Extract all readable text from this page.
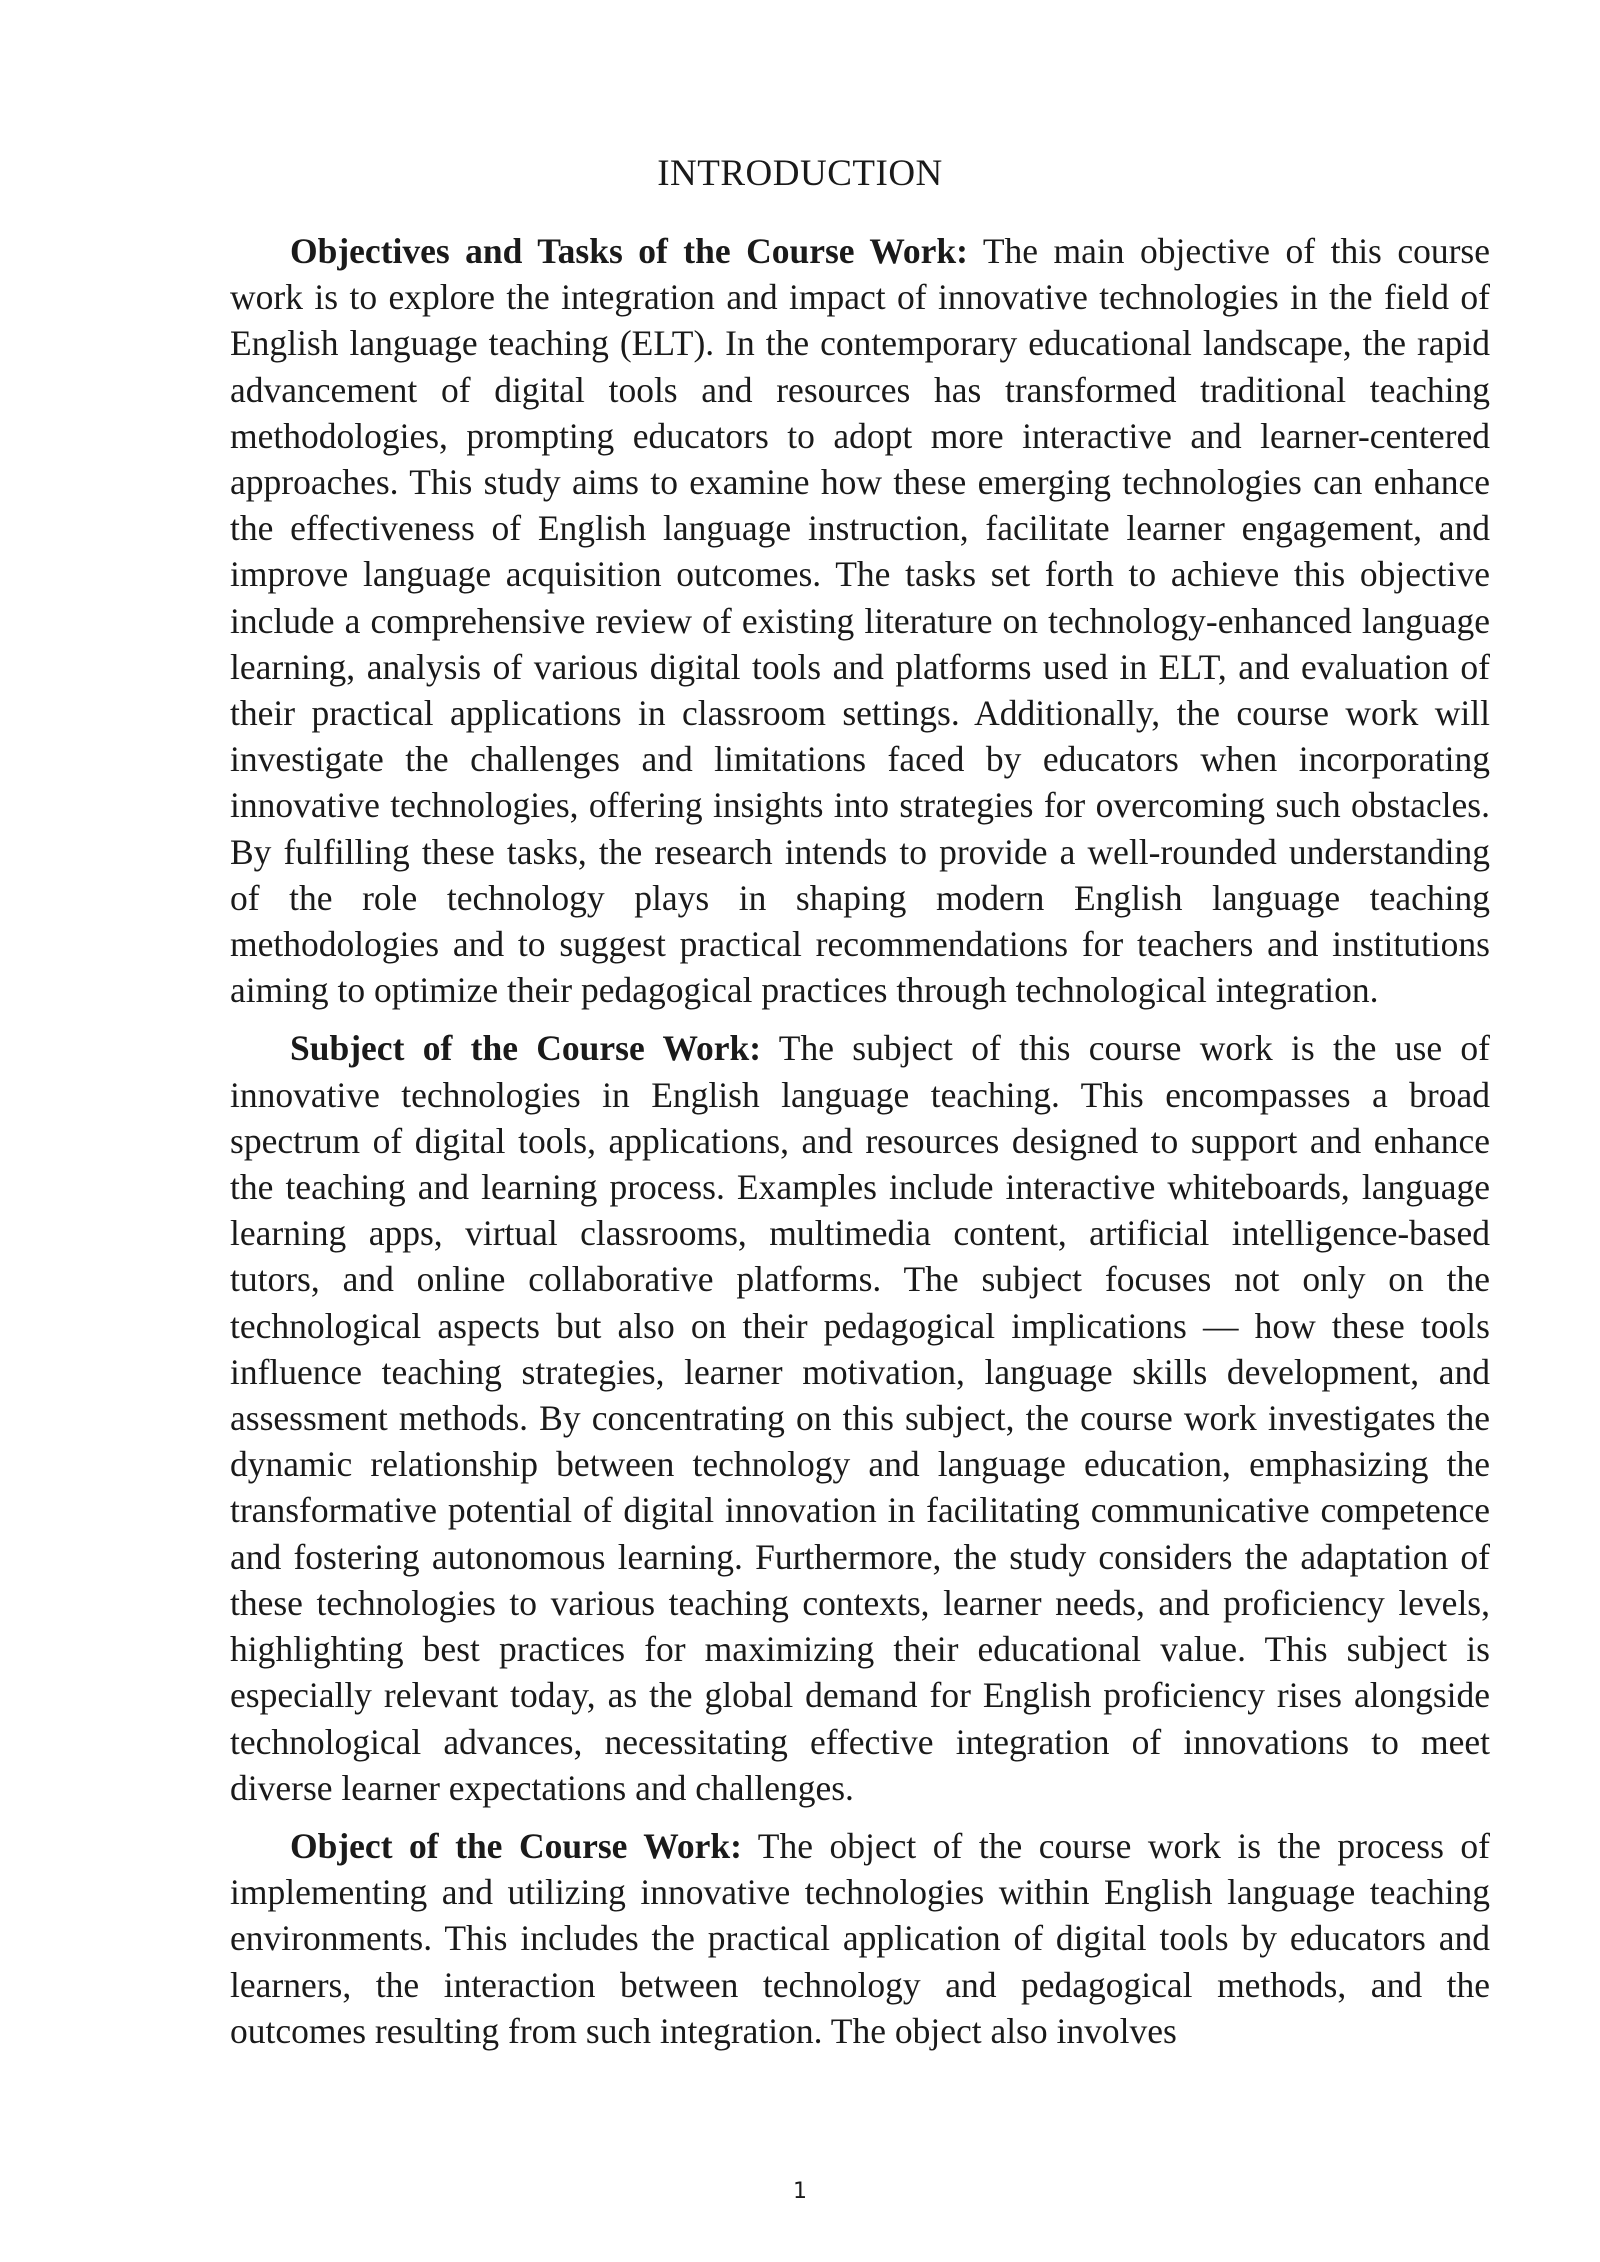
INTRODUCTION

Objectives and Tasks of the Course Work: The main objective of this course work is to explore the integration and impact of innovative technologies in the field of English language teaching (ELT). In the contemporary educational landscape, the rapid advancement of digital tools and resources has transformed traditional teaching methodologies, prompting educators to adopt more interactive and learner-centered approaches. This study aims to examine how these emerging technologies can enhance the effectiveness of English language instruction, facilitate learner engagement, and improve language acquisition outcomes. The tasks set forth to achieve this objective include a comprehensive review of existing literature on technology-enhanced language learning, analysis of various digital tools and platforms used in ELT, and evaluation of their practical applications in classroom settings. Additionally, the course work will investigate the challenges and limitations faced by educators when incorporating innovative technologies, offering insights into strategies for overcoming such obstacles. By fulfilling these tasks, the research intends to provide a well-rounded understanding of the role technology plays in shaping modern English language teaching methodologies and to suggest practical recommendations for teachers and institutions aiming to optimize their pedagogical practices through technological integration.

Subject of the Course Work: The subject of this course work is the use of innovative technologies in English language teaching. This encompasses a broad spectrum of digital tools, applications, and resources designed to support and enhance the teaching and learning process. Examples include interactive whiteboards, language learning apps, virtual classrooms, multimedia content, artificial intelligence-based tutors, and online collaborative platforms. The subject focuses not only on the technological aspects but also on their pedagogical implications — how these tools influence teaching strategies, learner motivation, language skills development, and assessment methods. By concentrating on this subject, the course work investigates the dynamic relationship between technology and language education, emphasizing the transformative potential of digital innovation in facilitating communicative competence and fostering autonomous learning. Furthermore, the study considers the adaptation of these technologies to various teaching contexts, learner needs, and proficiency levels, highlighting best practices for maximizing their educational value. This subject is especially relevant today, as the global demand for English proficiency rises alongside technological advances, necessitating effective integration of innovations to meet diverse learner expectations and challenges.

Object of the Course Work: The object of the course work is the process of implementing and utilizing innovative technologies within English language teaching environments. This includes the practical application of digital tools by educators and learners, the interaction between technology and pedagogical methods, and the outcomes resulting from such integration. The object also involves

1
